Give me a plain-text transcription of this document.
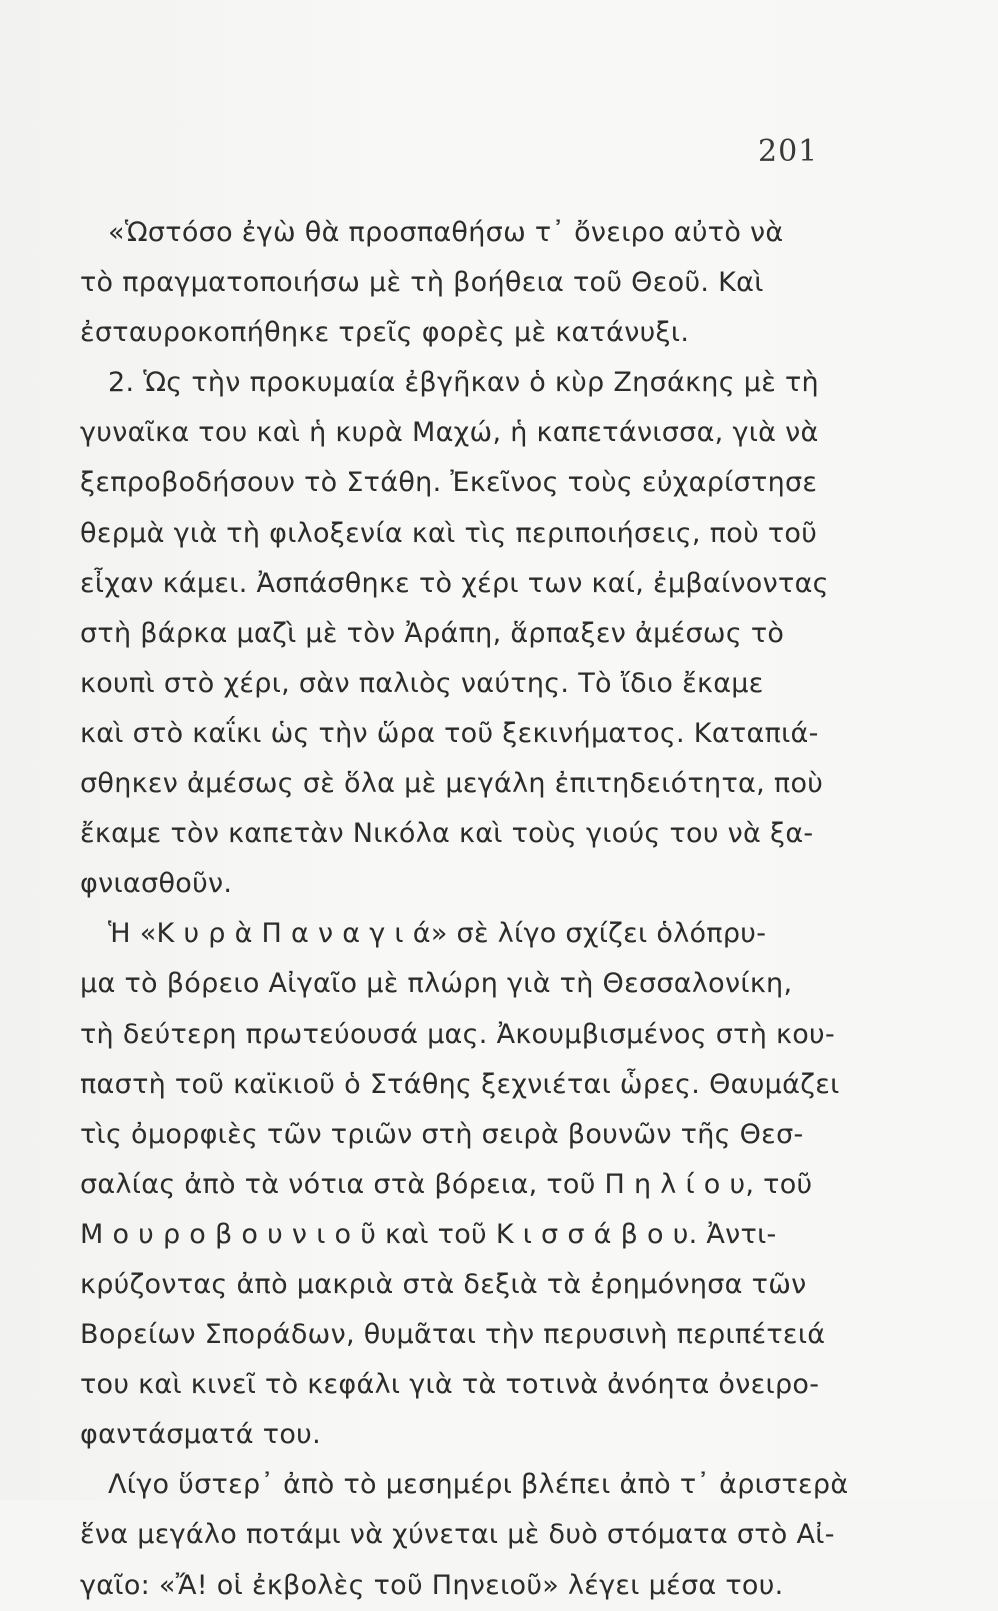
201
«Ὡστόσο ἐγὼ θὰ προσπαθήσω τ᾿ ὄνειρο αὐτὸ νὰ
τὸ πραγματοποιήσω μὲ τὴ βοήθεια τοῦ Θεοῦ. Καὶ
ἐσταυροκοπήθηκε τρεῖς φορὲς μὲ κατάνυξι.
2. Ὡς τὴν προκυμαία ἐβγῆκαν ὁ κὺρ Ζησάκης μὲ τὴ
γυναῖκα του καὶ ἡ κυρὰ Μαχώ, ἡ καπετάνισσα, γιὰ νὰ
ξεπροβοδήσουν τὸ Στάθη. Ἐκεῖνος τοὺς εὐχαρίστησε
θερμὰ γιὰ τὴ φιλοξενία καὶ τὶς περιποιήσεις, ποὺ τοῦ
εἶχαν κάμει. Ἀσπάσθηκε τὸ χέρι των καί, ἐμβαίνοντας
στὴ βάρκα μαζὶ μὲ τὸν Ἀράπη, ἅρπαξεν ἀμέσως τὸ
κουπὶ στὸ χέρι, σὰν παλιὸς ναύτης. Τὸ ἴδιο ἔκαμε
καὶ στὸ καΐκι ὡς τὴν ὥρα τοῦ ξεκινήματος. Καταπιά-
σθηκεν ἀμέσως σὲ ὅλα μὲ μεγάλη ἐπιτηδειότητα, ποὺ
ἔκαμε τὸν καπετὰν Νικόλα καὶ τοὺς γιούς του νὰ ξα-
φνιασθοῦν.
Ἡ «Κ υ ρ ὰ Π α ν α γ ι ά» σὲ λίγο σχίζει ὁλόπρυ-
μα τὸ βόρειο Αἰγαῖο μὲ πλώρη γιὰ τὴ Θεσσαλονίκη,
τὴ δεύτερη πρωτεύουσά μας. Ἀκουμβισμένος στὴ κου-
παστὴ τοῦ καϊκιοῦ ὁ Στάθης ξεχνιέται ὧρες. Θαυμάζει
τὶς ὀμορφιὲς τῶν τριῶν στὴ σειρὰ βουνῶν τῆς Θεσ-
σαλίας ἀπὸ τὰ νότια στὰ βόρεια, τοῦ Π η λ ί ο υ, τοῦ
Μ ο υ ρ ο β ο υ ν ι ο ῦ καὶ τοῦ Κ ι σ σ ά β ο υ. Ἀντι-
κρύζοντας ἀπὸ μακριὰ στὰ δεξιὰ τὰ ἐρημόνησα τῶν
Βορείων Σποράδων, θυμᾶται τὴν περυσινὴ περιπέτειά
του καὶ κινεῖ τὸ κεφάλι γιὰ τὰ τοτινὰ ἀνόητα ὀνειρο-
φαντάσματά του.
Λίγο ὕστερ᾿ ἀπὸ τὸ μεσημέρι βλέπει ἀπὸ τ᾿ ἀριστερὰ
ἕνα μεγάλο ποτάμι νὰ χύνεται μὲ δυὸ στόματα στὸ Αἰ-
γαῖο: «Ἄ! οἱ ἐκβολὲς τοῦ Πηνειοῦ» λέγει μέσα του.
